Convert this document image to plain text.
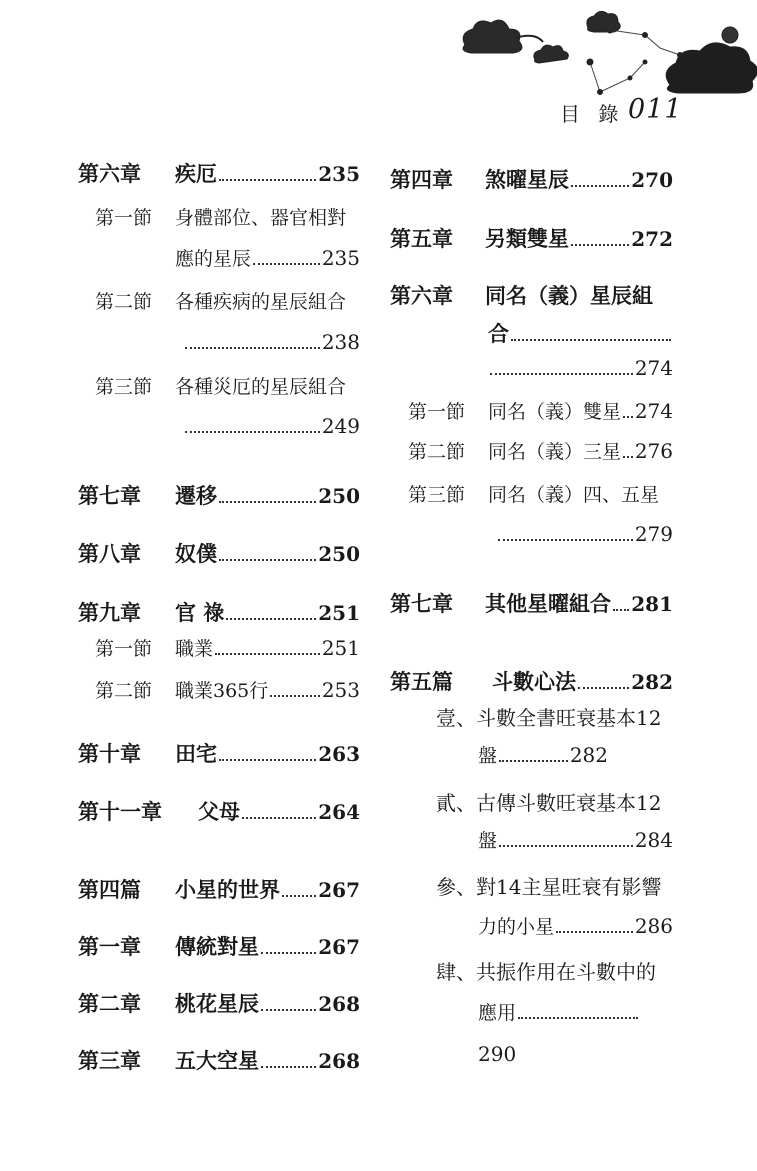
目 錄 011
第六章	疾厄	235
第一節	身體部位、器官相對
應的星辰	235
第二節	各種疾病的星辰組合
238
第三節	各種災厄的星辰組合
249
第七章	遷移	250
第八章	奴僕	250
第九章	官 祿	251
第一節	職業	251
第二節	職業365行	253
第十章	田宅	263
第十一章	父母	264
第四篇	小星的世界 267
第一章	傳統對星	267
第二章	桃花星辰	268
第三章	五大空星	268
第四章	煞曜星辰	270
第五章	另類雙星	272
第六章	同名（義）星辰組
合
274
第一節	同名（義）雙星 274
第二節	同名（義）三星 276
第三節	同名（義）四、五星
279
第七章	其他星曜組合 281
第五篇	斗數心法	282
壹、斗數全書旺衰基本12
盤	282
貳、古傳斗數旺衰基本12
盤	284
參、對14主星旺衰有影響
力的小星	286
肆、共振作用在斗數中的
應用
290
